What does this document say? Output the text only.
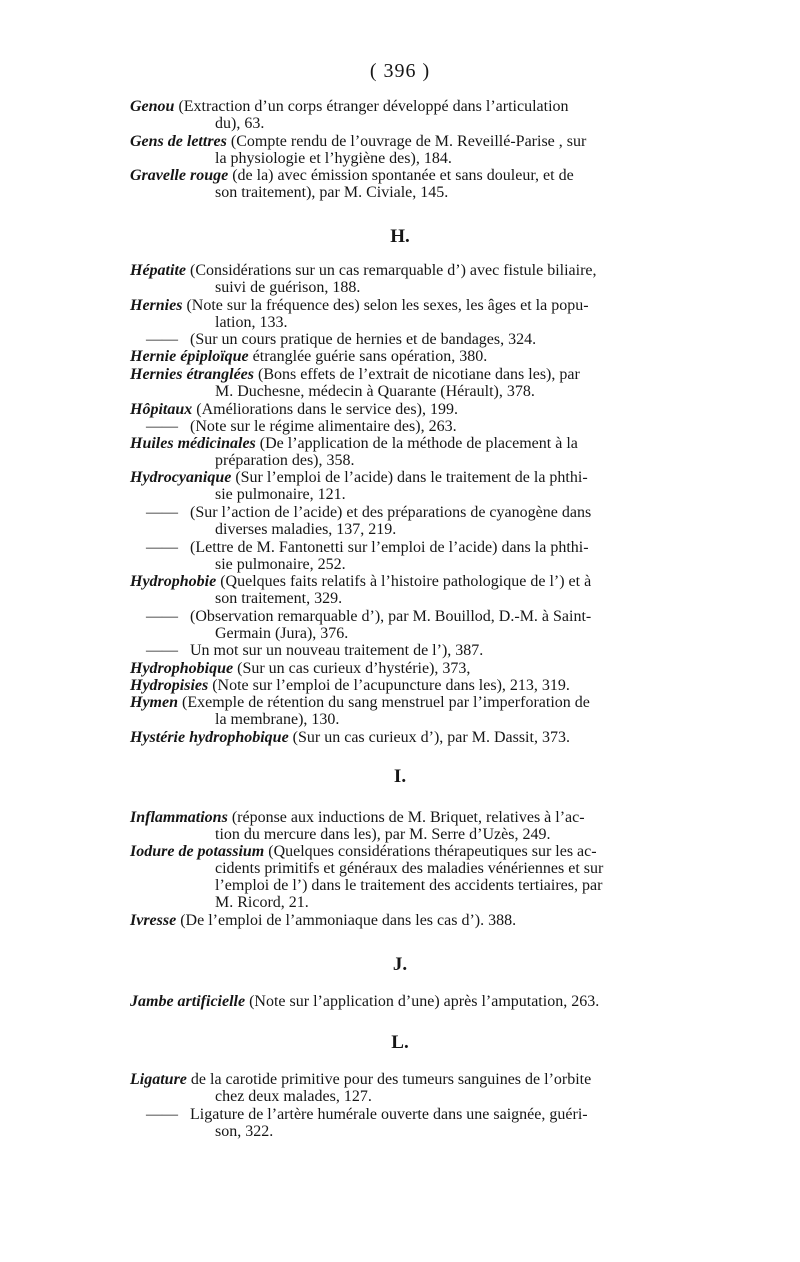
( 396 )
Genou (Extraction d’un corps étranger développé dans l’articulation
du), 63.
Gens de lettres (Compte rendu de l’ouvrage de M. Reveillé-Parise , sur
la physiologie et l’hygiène des), 184.
Gravelle rouge (de la) avec émission spontanée et sans douleur, et de
son traitement), par M. Civiale, 145.
H.
Hépatite (Considérations sur un cas remarquable d’) avec fistule biliaire,
suivi de guérison, 188.
Hernies (Note sur la fréquence des) selon les sexes, les âges et la popu-
lation, 133.
—— (Sur un cours pratique de hernies et de bandages, 324.
Hernie épiploïque étranglée guérie sans opération, 380.
Hernies étranglées (Bons effets de l’extrait de nicotiane dans les), par
M. Duchesne, médecin à Quarante (Hérault), 378.
Hôpitaux (Améliorations dans le service des), 199.
—— (Note sur le régime alimentaire des), 263.
Huiles médicinales (De l’application de la méthode de placement à la
préparation des), 358.
Hydrocyanique (Sur l’emploi de l’acide) dans le traitement de la phthi-
sie pulmonaire, 121.
—— (Sur l’action de l’acide) et des préparations de cyanogène dans
diverses maladies, 137, 219.
—— (Lettre de M. Fantonetti sur l’emploi de l’acide) dans la phthi-
sie pulmonaire, 252.
Hydrophobie (Quelques faits relatifs à l’histoire pathologique de l’) et à
son traitement, 329.
—— (Observation remarquable d’), par M. Bouillod, D.-M. à Saint-
Germain (Jura), 376.
—— Un mot sur un nouveau traitement de l’), 387.
Hydrophobique (Sur un cas curieux d’hystérie), 373,
Hydropisies (Note sur l’emploi de l’acupuncture dans les), 213, 319.
Hymen (Exemple de rétention du sang menstruel par l’imperforation de
la membrane), 130.
Hystérie hydrophobique (Sur un cas curieux d’), par M. Dassit, 373.
I.
Inflammations (réponse aux inductions de M. Briquet, relatives à l’ac-
tion du mercure dans les), par M. Serre d’Uzès, 249.
Iodure de potassium (Quelques considérations thérapeutiques sur les ac-
cidents primitifs et généraux des maladies vénériennes et sur
l’emploi de l’) dans le traitement des accidents tertiaires, par
M. Ricord, 21.
Ivresse (De l’emploi de l’ammoniaque dans les cas d’). 388.
J.
Jambe artificielle (Note sur l’application d’une) après l’amputation, 263.
L.
Ligature de la carotide primitive pour des tumeurs sanguines de l’orbite
chez deux malades, 127.
—— Ligature de l’artère humérale ouverte dans une saignée, guéri-
son, 322.
